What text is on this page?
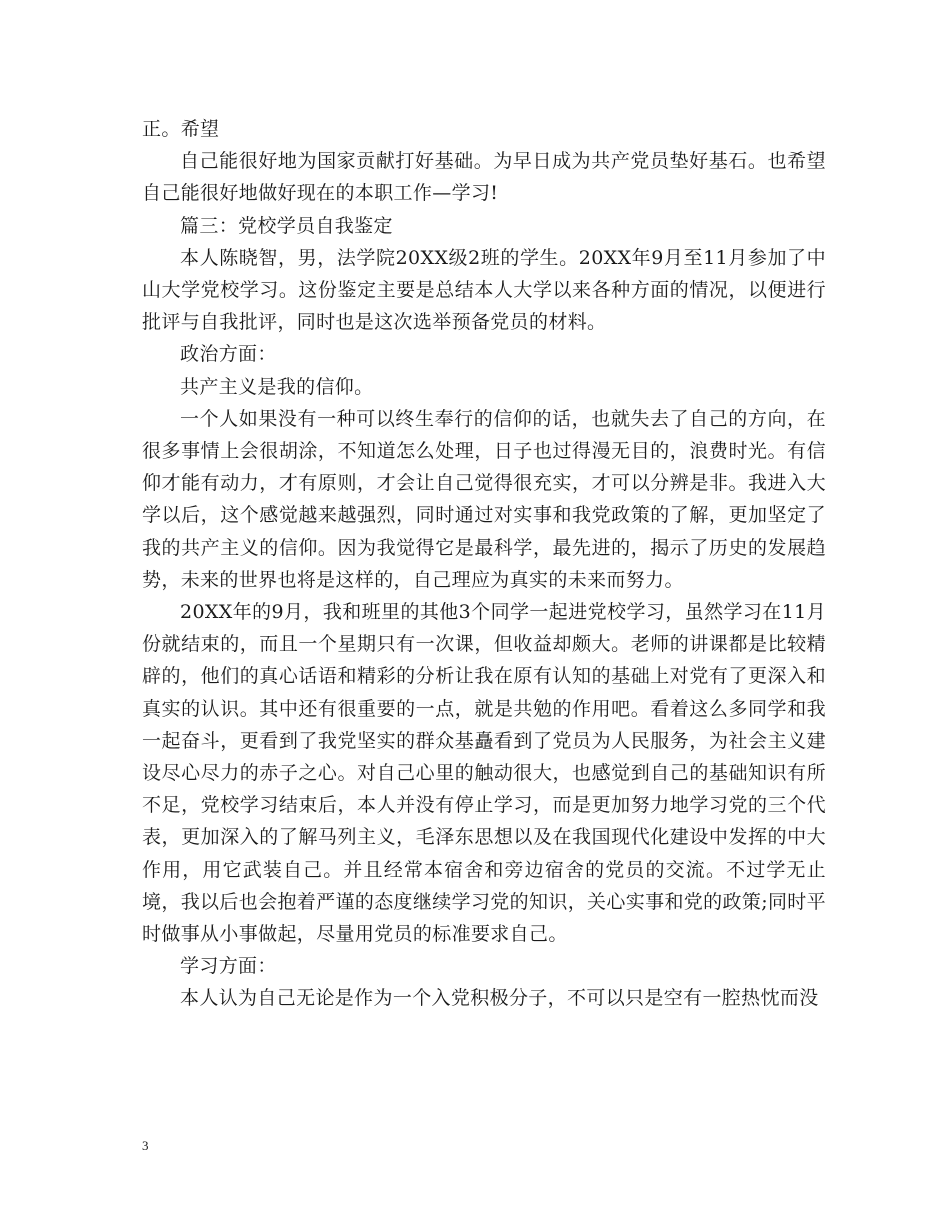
正。希望

自己能很好地为国家贡献打好基础。为早日成为共产党员垫好基石。也希望自己能很好地做好现在的本职工作—学习!

篇三：党校学员自我鉴定

本人陈晓智，男，法学院20XX级2班的学生。20XX年9月至11月参加了中山大学党校学习。这份鉴定主要是总结本人大学以来各种方面的情况，以便进行批评与自我批评，同时也是这次选举预备党员的材料。

政治方面：

共产主义是我的信仰。

一个人如果没有一种可以终生奉行的信仰的话，也就失去了自己的方向，在很多事情上会很胡涂，不知道怎么处理，日子也过得漫无目的，浪费时光。有信仰才能有动力，才有原则，才会让自己觉得很充实，才可以分辨是非。我进入大学以后，这个感觉越来越强烈，同时通过对实事和我党政策的了解，更加坚定了我的共产主义的信仰。因为我觉得它是最科学，最先进的，揭示了历史的发展趋势，未来的世界也将是这样的，自己理应为真实的未来而努力。

20XX年的9月，我和班里的其他3个同学一起进党校学习，虽然学习在11月份就结束的，而且一个星期只有一次课，但收益却颇大。老师的讲课都是比较精辟的，他们的真心话语和精彩的分析让我在原有认知的基础上对党有了更深入和真实的认识。其中还有很重要的一点，就是共勉的作用吧。看着这么多同学和我一起奋斗，更看到了我党坚实的群众基矗看到了党员为人民服务，为社会主义建设尽心尽力的赤子之心。对自己心里的触动很大，也感觉到自己的基础知识有所不足，党校学习结束后，本人并没有停止学习，而是更加努力地学习党的三个代表，更加深入的了解马列主义，毛泽东思想以及在我国现代化建设中发挥的中大作用，用它武装自己。并且经常本宿舍和旁边宿舍的党员的交流。不过学无止境，我以后也会抱着严谨的态度继续学习党的知识，关心实事和党的政策;同时平时做事从小事做起，尽量用党员的标准要求自己。

学习方面：

本人认为自己无论是作为一个入党积极分子，不可以只是空有一腔热忱而没

3
